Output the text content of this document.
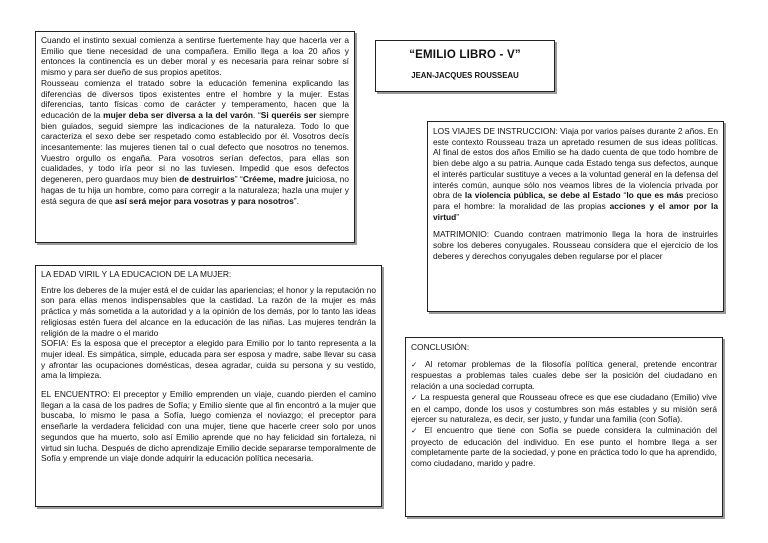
Cuando el instinto sexual comienza a sentirse fuertemente hay que hacerla ver a Emilio que tiene necesidad de una compañera. Emilio llega a loa 20 años y entonces la continencia es un deber moral y es necesaria para reinar sobre sí mismo y para ser dueño de sus propios apetitos.

Rousseau comienza el tratado sobre la educación femenina explicando las diferencias de diversos tipos existentes entre el hombre y la mujer. Estas diferencias, tanto físicas como de carácter y temperamento, hacen que la educación de la mujer deba ser diversa a la del varón. “Si queréis ser siempre bien guiados, seguid siempre las indicaciones de la naturaleza. Todo lo que caracteriza el sexo debe ser respetado como establecido por él. Vosotros decís incesantemente: las mujeres tienen tal o cual defecto que nosotros no tenemos. Vuestro orgullo os engaña. Para vosotros serían defectos, para ellas son cualidades, y todo iría peor si no las tuviesen. Impedid que esos defectos degeneren, pero guardaos muy bien de destruirlos” “Créeme, madre juiciosa, no hagas de tu hija un hombre, como para corregir a la naturaleza; hazla una mujer y está segura de que así será mejor para vosotras y para nosotros”.

“EMILIO LIBRO - V”
JEAN-JACQUES ROUSSEAU

LOS VIAJES DE INSTRUCCION: Viaja por varios países durante 2 años. En este contexto Rousseau traza un apretado resumen de sus ideas políticas. Al final de estos dos años Emilio se ha dado cuenta de que todo hombre de bien debe algo a su patria. Aunque cada Estado tenga sus defectos, aunque el interés particular sustituye a veces a la voluntad general en la defensa del interés común, aunque sólo nos veamos libres de la violencia privada por obra de la violencia pública, se debe al Estado “lo que es más precioso para el hombre: la moralidad de las propias acciones y el amor por la virtud”

MATRIMONIO: Cuando contraen matrimonio llega la hora de instruirles sobre los deberes conyugales. Rousseau considera que el ejercicio de los deberes y derechos conyugales deben regularse por el placer

LA EDAD VIRIL Y LA EDUCACION DE LA MUJER:

Entre los deberes de la mujer está el de cuidar las apariencias; el honor y la reputación no son para ellas menos indispensables que la castidad. La razón de la mujer es más práctica y más sometida a la autoridad y a la opinión de los demás, por lo tanto las ideas religiosas estén fuera del alcance en la educación de las niñas. Las mujeres tendrán la religión de la madre o el marido

SOFIA: Es la esposa que el preceptor a elegido para Emilio por lo tanto representa a la mujer ideal. Es simpática, simple, educada para ser esposa y madre, sabe llevar su casa y afrontar las ocupaciones domésticas, desea agradar, cuida su persona y su vestido, ama la limpieza.

EL ENCUENTRO: El preceptor y Emilio emprenden un viaje, cuando pierden el camino llegan a la casa de los padres de Sofía; y Emilio siente que al fin encontró a la mujer que buscaba, lo mismo le pasa a Sofía, luego comienza el noviazgo; el preceptor para enseñarle la verdadera felicidad con una mujer, tiene que hacerle creer solo por unos segundos que ha muerto, solo así Emilio aprende que no hay felicidad sin fortaleza, ni virtud sin lucha. Después de dicho aprendizaje Emilio decide separarse temporalmente de Sofía y emprende un viaje donde adquirir la educación política necesaria.

CONCLUSIÓN:

✓ Al retomar problemas de la filosofía política general, pretende encontrar respuestas a problemas tales cuales debe ser la posición del ciudadano en relación a una sociedad corrupta.

✓ La respuesta general que Rousseau ofrece es que ese ciudadano (Emilio) vive en el campo, donde los usos y costumbres son más estables y su misión será ejercer su naturaleza, es decir, ser justo, y fundar una familia (con Sofía).

✓ El encuentro que tiene con Sofía se puede considera la culminación del proyecto de educación del individuo. En ese punto el hombre llega a ser completamente parte de la sociedad, y pone en práctica todo lo que ha aprendido, como ciudadano, marido y padre.
